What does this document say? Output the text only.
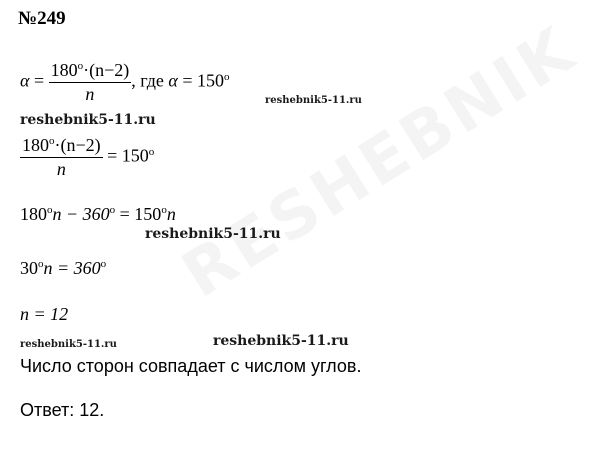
№249
$\alpha = \frac{180^o\cdot(n-2)}{n}$ , где $\alpha = 150^o$
reshebnik5-11.ru
reshebnik5-11.ru
$\frac{180^o\cdot(n-2)}{n} = 150^o$
$180^on - 360^o = 150^on$
reshebnik5-11.ru
$30^on = 360^o$
n = 12
reshebnik5-11.ru	reshebnik5-11.ru
Число сторон совпадает с числом углов.
Ответ: 12.
